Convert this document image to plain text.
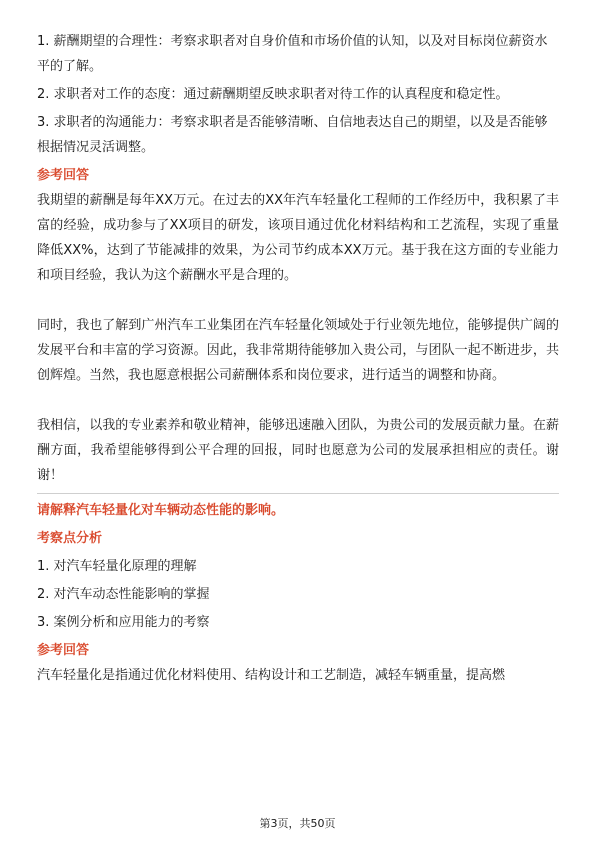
1. 薪酬期望的合理性：考察求职者对自身价值和市场价值的认知，以及对目标岗位薪资水平的了解。

2. 求职者对工作的态度：通过薪酬期望反映求职者对待工作的认真程度和稳定性。

3. 求职者的沟通能力：考察求职者是否能够清晰、自信地表达自己的期望，以及是否能够根据情况灵活调整。

参考回答

我期望的薪酬是每年XX万元。在过去的XX年汽车轻量化工程师的工作经历中，我积累了丰富的经验，成功参与了XX项目的研发，该项目通过优化材料结构和工艺流程，实现了重量降低XX%，达到了节能减排的效果，为公司节约成本XX万元。基于我在这方面的专业能力和项目经验，我认为这个薪酬水平是合理的。

同时，我也了解到广州汽车工业集团在汽车轻量化领域处于行业领先地位，能够提供广阔的发展平台和丰富的学习资源。因此，我非常期待能够加入贵公司，与团队一起不断进步，共创辉煌。当然，我也愿意根据公司薪酬体系和岗位要求，进行适当的调整和协商。

我相信，以我的专业素养和敬业精神，能够迅速融入团队，为贵公司的发展贡献力量。在薪酬方面，我希望能够得到公平合理的回报，同时也愿意为公司的发展承担相应的责任。谢谢！

请解释汽车轻量化对车辆动态性能的影响。

考察点分析

1. 对汽车轻量化原理的理解

2. 对汽车动态性能影响的掌握

3. 案例分析和应用能力的考察

参考回答

汽车轻量化是指通过优化材料使用、结构设计和工艺制造，减轻车辆重量，提高燃

第3页，共50页
